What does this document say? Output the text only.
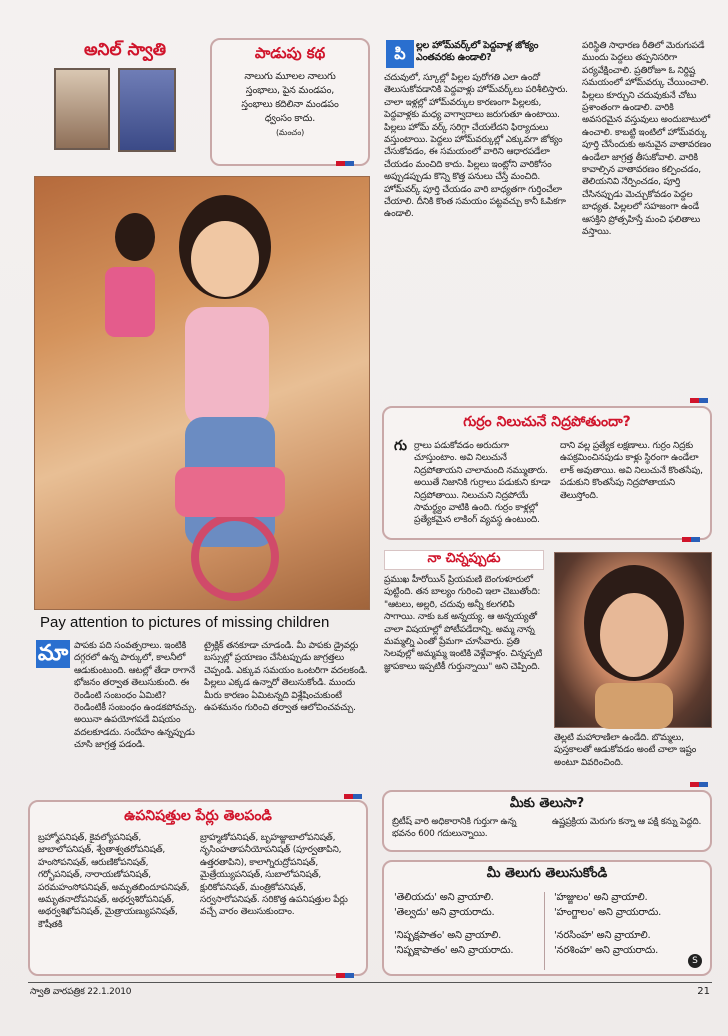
అనిల్ స్వాతి	పాడుపు కథ
నాలుగు మూలల నాలుగు
స్తంభాలు, పైన మండపం,
స్తంభాలు కదిలినా మండపం
ధ్వంసం కాదు.
(మంచం)
Pay attention to pictures of missing children
మా పాపకు పది సంవత్సరాలు. ఇంటికి దగ్గరలో ఉన్న పార్కులో, కాలనీలో ఆడుకుంటుంది. ఆటల్లో తేడా రాగానే భోజనం తర్వాత తెలుసుకుంది. ఈ రెండింటి సంబంధం ఏమిటి? రెండింటికీ సంబంధం ఉండకపోవచ్చు. అయినా ఉపయోగపడే విషయం వదలకూడదు. సందేహం ఉన్నప్పుడు చూసి జాగ్రత్త పడండి.
ట్రైక్లిక్ తనకూడా చూడండి. మీ పాపకు డ్రైవర్లు బస్సుల్లో ప్రయాణం చేసేటప్పుడు జాగ్రత్తలు చెప్పండి. ఎక్కువ సమయం ఒంటరిగా వదలకండి. పిల్లలు ఎక్కడ ఉన్నారో తెలుసుకోండి. ముందు మీరు కారణం ఏమిటన్నది విశ్లేషించుకుంటే ఉపశమనం గురించి తర్వాత ఆలోచించవచ్చు.
ఉపనిషత్తుల పేర్లు తెలపండి
బ్రహ్మోపనిషత్, కైవల్యోపనిషత్, జాబాలోపనిషత్, శ్వేతాశ్వతరోపనిషత్, హంసోపనిషత్, ఆరుణికోపనిషత్, గర్భోపనిషత్, నారాయణోపనిషత్, పరమహంసోపనిషత్, అమృతబిందూపనిషత్, అమృతనాదోపనిషత్, అథర్వశిరోపనిషత్, అథర్వశిఖోపనిషత్, మైత్రాయణ్యుపనిషత్, కౌషీతకి
బ్రాహ్మణోపనిషత్, బృహజ్జాబాలోపనిషత్, నృసింహతాపనీయోపనిషత్ (పూర్వతాపిని, ఉత్తరతాపిని), కాలాగ్నిరుద్రోపనిషత్, మైత్రేయ్యుపనిషత్, సుబాలోపనిషత్, క్షురికోపనిషత్, మంత్రికోపనిషత్, సర్వసారోపనిషత్. సరికొత్త ఉపనిషత్తుల పేర్లు వచ్చే వారం తెలుసుకుందాం.
పి	ల్లల హోమ్‌వర్క్‌లో పెద్దవాళ్ల జోక్యం ఎంతవరకు ఉండాలి?
చదువులో, స్కూల్లో పిల్లల పురోగతి ఎలా ఉందో తెలుసుకోవడానికి పెద్దవాళ్లు హోమ్‌వర్క్‌లు పరిశీలిస్తారు. చాలా ఇళ్లల్లో హోమ్‌వర్కుల కారణంగా పిల్లలకు, పెద్దవాళ్లకు మధ్య వాగ్వాదాలు జరుగుతూ ఉంటాయి. పిల్లలు హోమ్ వర్క్ సరిగ్గా చేయలేదని ఫిర్యాదులు వస్తుంటాయి. పెద్దలు హోమ్‌వర్కుల్లో ఎక్కువగా జోక్యం చేసుకోవడం, ఈ సమయంలో వారిని ఆధారపడేలా చేయడం మంచిది కాదు. పిల్లలు ఇంట్లోని వారికోసం అప్పుడప్పుడు కొన్ని కొత్త పనులు చేస్తే మంచిది. హోమ్‌వర్క్ పూర్తి చేయడం వారి బాధ్యతగా గుర్తించేలా చేయాలి. దీనికి కొంత సమయం పట్టవచ్చు కానీ ఓపికగా ఉండాలి.
పరిస్థితి సాధారణ రీతిలో మెరుగుపడే ముందు పెద్దలు తప్పనిసరిగా పర్యవేక్షించాలి. ప్రతిరోజూ ఓ నిర్దిష్ట సమయంలో హోమ్‌వర్కు చేయించాలి. పిల్లలు కూర్చుని చదువుకునే చోటు ప్రశాంతంగా ఉండాలి. వారికి అవసరమైన వస్తువులు అందుబాటులో ఉంచాలి. కాబట్టి ఇంటిలో హోమ్‌వర్కు పూర్తి చేసేందుకు అనువైన వాతావరణం ఉండేలా జాగ్రత్త తీసుకోవాలి. వారికి కావాల్సిన వాతావరణం కల్పించడం, తెలియనివి నేర్పించడం, పూర్తి చేసినప్పుడు మెచ్చుకోవడం పెద్దల బాధ్యత. పిల్లలలో సహజంగా ఉండే ఆసక్తిని ప్రోత్సహిస్తే మంచి ఫలితాలు వస్తాయి.
గుర్రం నిలుచునే నిద్రపోతుందా?
గు ర్రాలు పడుకోవడం అరుదుగా చూస్తుంటాం. అవి నిలుచునే నిద్రపోతాయని చాలామంది నమ్ముతారు. అయితే నిజానికి గుర్రాలు పడుకుని కూడా నిద్రపోతాయి. నిలుచుని నిద్రపోయే సామర్థ్యం వాటికి ఉంది. గుర్రం కాళ్లల్లో ప్రత్యేకమైన లాకింగ్ వ్యవస్థ ఉంటుంది.
దాని వల్ల ప్రత్యేక లక్షణాలు. గుర్రం నిద్రకు ఉపక్రమించినపుడు కాళ్లు స్థిరంగా ఉండేలా లాక్ అవుతాయి. అవి నిలుచునే కొంతసేపు, పడుకుని కొంతసేపు నిద్రపోతాయని తెలుస్తోంది.
నా చిన్నప్పుడు
ప్రముఖ హీరోయిన్ ప్రియమణి బెంగుళూరులో పుట్టింది. తన బాల్యం గురించి ఇలా చెబుతోంది: "ఆటలు, అల్లరి, చదువు అన్నీ కలగలిపి సాగాయి. నాకు ఒక అన్నయ్య. ఆ అన్నయ్యతో చాలా విషయాల్లో పోటీపడేదాన్ని. అమ్మ నాన్న మమ్మల్ని ఎంతో ప్రేమగా చూసేవారు. ప్రతి సెలవుల్లో అమ్మమ్మ ఇంటికి వెళ్లేవాళ్లం. చిన్నప్పటి జ్ఞాపకాలు ఇప్పటికీ గుర్తున్నాయి" అని చెప్పింది.
తెల్లటి మహారాణిలా ఉండేది. బొమ్మలు, పుస్తకాలతో ఆడుకోవడం అంటే చాలా ఇష్టం అంటూ వివరించింది.
మీకు తెలుసా?
బ్రిటీష్ వారి అధికారానికి గుర్తుగా ఉన్న భవనం 600 గదులున్నాయి.
ఉష్ణప్రక్రియ మెరుగు కన్నా ఆ పక్షి కన్ను పెద్దది.
మీ తెలుగు తెలుసుకోండి
'తెలియదు' అని వ్రాయాలి.
'తెల్వదు' అని వ్రాయరాదు.
'నిష్పక్షపాతం' అని వ్రాయాలి.
'నిష్పక్షాపాతం' అని వ్రాయరాదు.
'హజ్జులం' అని వ్రాయాలి.
'హంగ్జాలం' అని వ్రాయరాదు.
'నరసింహ' అని వ్రాయాలి.
'నరశింహ' అని వ్రాయరాదు.
S
స్వాతి వారపత్రిక 22.1.2010	21
